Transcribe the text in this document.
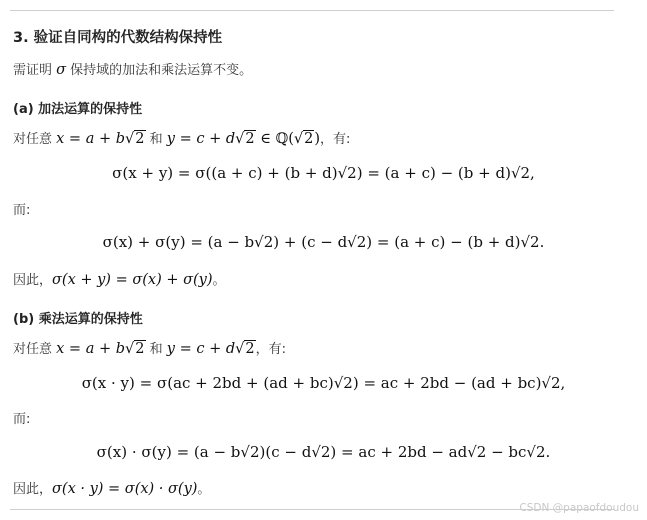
3. 验证自同构的代数结构保持性
需证明 σ 保持域的加法和乘法运算不变。
(a) 加法运算的保持性
对任意 x = a + b√2 和 y = c + d√2 ∈ ℚ(√2)，有:
σ(x + y) = σ((a + c) + (b + d)√2) = (a + c) − (b + d)√2,
而:
σ(x) + σ(y) = (a − b√2) + (c − d√2) = (a + c) − (b + d)√2.
因此，σ(x + y) = σ(x) + σ(y)。
(b) 乘法运算的保持性
对任意 x = a + b√2 和 y = c + d√2，有:
σ(x · y) = σ(ac + 2bd + (ad + bc)√2) = ac + 2bd − (ad + bc)√2,
而:
σ(x) · σ(y) = (a − b√2)(c − d√2) = ac + 2bd − ad√2 − bc√2.
因此，σ(x · y) = σ(x) · σ(y)。
CSDN @papaofdoudou
